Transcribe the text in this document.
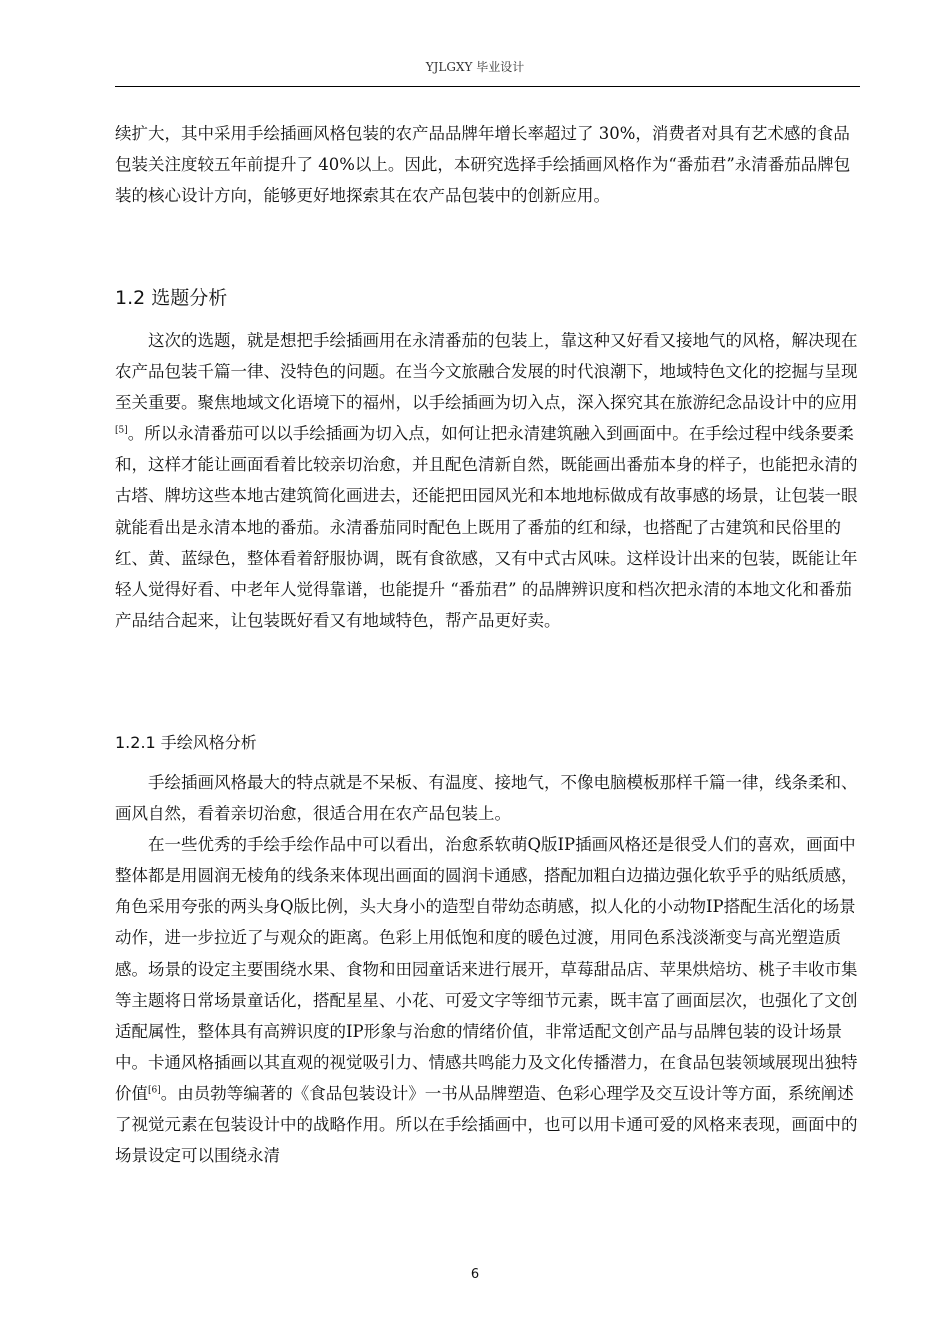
YJLGXY 毕业设计

续扩大，其中采用手绘插画风格包装的农产品品牌年增长率超过了 30%，消费者对具有艺术感的食品包装关注度较五年前提升了 40%以上。因此，本研究选择手绘插画风格作为“番茄君”永清番茄品牌包装的核心设计方向，能够更好地探索其在农产品包装中的创新应用。

1.2 选题分析

这次的选题，就是想把手绘插画用在永清番茄的包装上，靠这种又好看又接地气的风格，解决现在农产品包装千篇一律、没特色的问题。在当今文旅融合发展的时代浪潮下，地域特色文化的挖掘与呈现至关重要。聚焦地域文化语境下的福州，以手绘插画为切入点，深入探究其在旅游纪念品设计中的应用[5]。所以永清番茄可以以手绘插画为切入点，如何让把永清建筑融入到画面中。在手绘过程中线条要柔和，这样才能让画面看着比较亲切治愈，并且配色清新自然，既能画出番茄本身的样子，也能把永清的古塔、牌坊这些本地古建筑简化画进去，还能把田园风光和本地地标做成有故事感的场景，让包装一眼就能看出是永清本地的番茄。永清番茄同时配色上既用了番茄的红和绿，也搭配了古建筑和民俗里的红、黄、蓝绿色，整体看着舒服协调，既有食欲感，又有中式古风味。这样设计出来的包装，既能让年轻人觉得好看、中老年人觉得靠谱，也能提升 “番茄君” 的品牌辨识度和档次把永清的本地文化和番茄产品结合起来，让包装既好看又有地域特色，帮产品更好卖。

1.2.1 手绘风格分析

手绘插画风格最大的特点就是不呆板、有温度、接地气，不像电脑模板那样千篇一律，线条柔和、画风自然，看着亲切治愈，很适合用在农产品包装上。

在一些优秀的手绘手绘作品中可以看出，治愈系软萌Q版IP插画风格还是很受人们的喜欢，画面中整体都是用圆润无棱角的线条来体现出画面的圆润卡通感，搭配加粗白边描边强化软乎乎的贴纸质感，角色采用夸张的两头身Q版比例，头大身小的造型自带幼态萌感，拟人化的小动物IP搭配生活化的场景动作，进一步拉近了与观众的距离。色彩上用低饱和度的暖色过渡，用同色系浅淡渐变与高光塑造质感。场景的设定主要围绕水果、食物和田园童话来进行展开，草莓甜品店、苹果烘焙坊、桃子丰收市集等主题将日常场景童话化，搭配星星、小花、可爱文字等细节元素，既丰富了画面层次，也强化了文创适配属性，整体具有高辨识度的IP形象与治愈的情绪价值，非常适配文创产品与品牌包装的设计场景中。卡通风格插画以其直观的视觉吸引力、情感共鸣能力及文化传播潜力，在食品包装领域展现出独特价值[6]。由员勃等编著的《食品包装设计》一书从品牌塑造、色彩心理学及交互设计等方面，系统阐述了视觉元素在包装设计中的战略作用。所以在手绘插画中，也可以用卡通可爱的风格来表现，画面中的场景设定可以围绕永清

6
